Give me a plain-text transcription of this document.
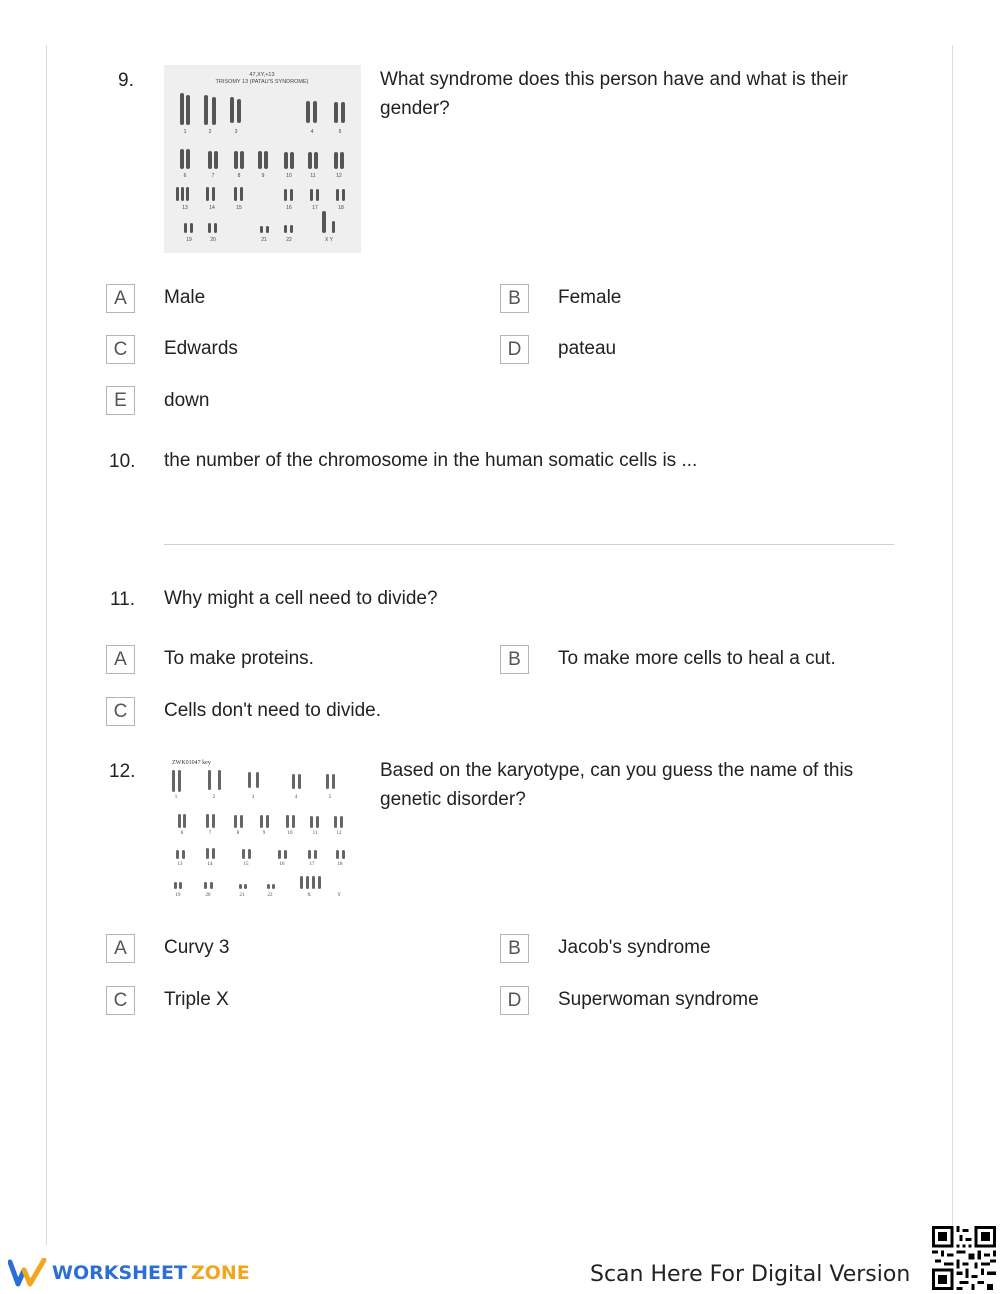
9.	47,XY,+13
TRISOMY 13 (PATAU'S SYNDROME)
1	2	3	4	5
6	7	8	9	10	11	12
13	14	15	16	17	18
19	20	21	22	X Y
What syndrome does this person have and what is their
gender?
A	Male	B	Female
C	Edwards	D	pateau
E	down
10. the number of the chromosome in the human somatic cells is ...
11. Why might a cell need to divide?
A	To make proteins.	B	To make more cells to heal a cut.
C	Cells don't need to divide.
12.	ZWK01047 key
1	2	3	4	5
6	7	8	9	10	11	12
13	14	15	16	17	18
19	20	21	22	X	Y
Based on the karyotype, can you guess the name of this
genetic disorder?
A	Curvy 3	B	Jacob's syndrome
C	Triple X	D	Superwoman syndrome
WORKSHEET ZONE	Scan Here For Digital Version
